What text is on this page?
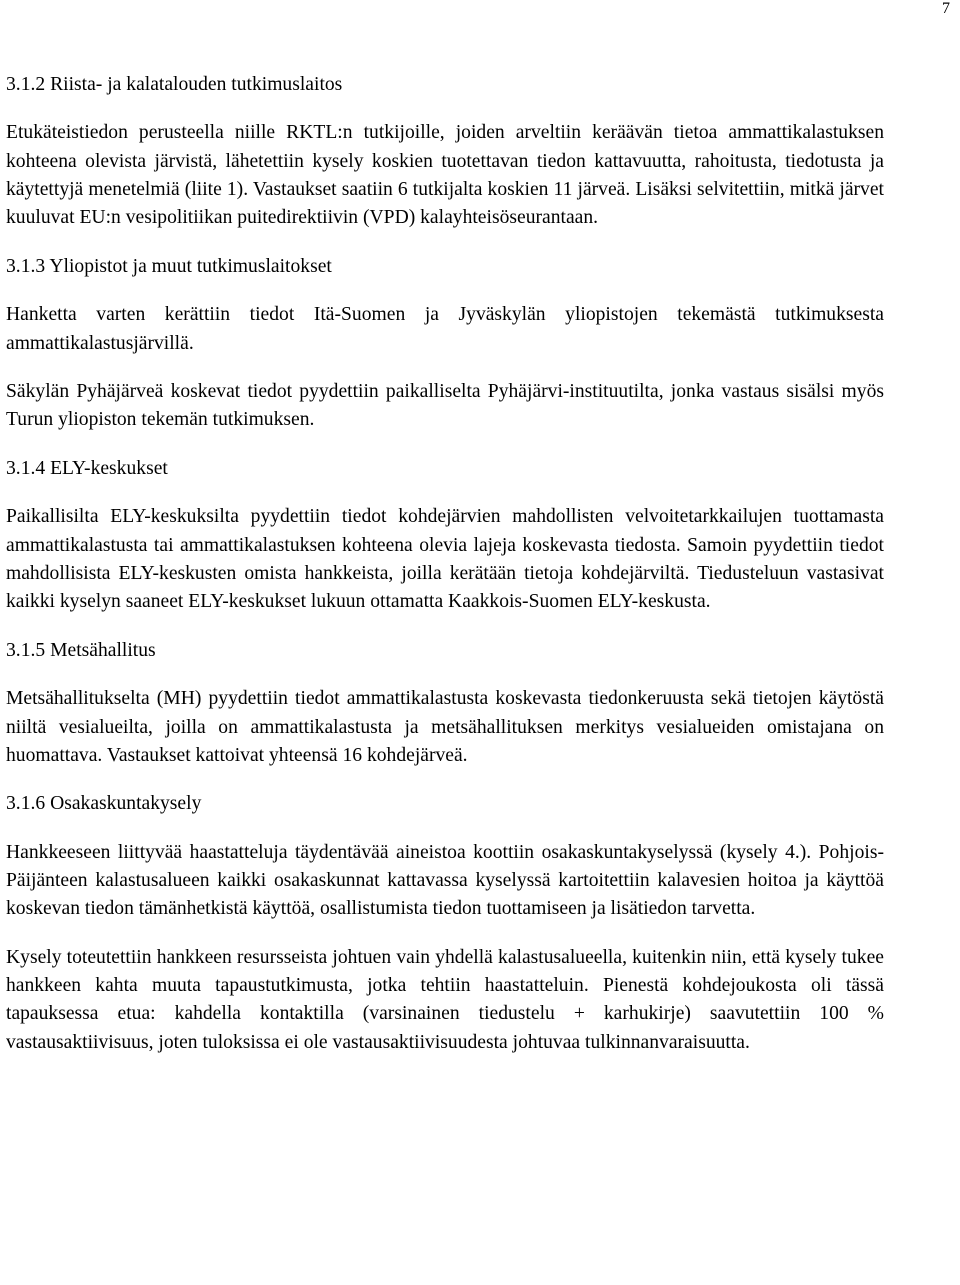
7
3.1.2 Riista- ja kalatalouden tutkimuslaitos

Etukäteistiedon perusteella niille RKTL:n tutkijoille, joiden arveltiin keräävän tietoa ammattikalastuksen kohteena olevista järvistä, lähetettiin kysely koskien tuotettavan tiedon kattavuutta, rahoitusta, tiedotusta ja käytettyjä menetelmiä (liite 1). Vastaukset saatiin 6 tutkijalta koskien 11 järveä. Lisäksi selvitettiin, mitkä järvet kuuluvat EU:n vesipolitiikan puitedirektiivin (VPD) kalayhteisöseurantaan.

3.1.3 Yliopistot ja muut tutkimuslaitokset

Hanketta varten kerättiin tiedot Itä-Suomen ja Jyväskylän yliopistojen tekemästä tutkimuksesta ammattikalastusjärvillä.

Säkylän Pyhäjärveä koskevat tiedot pyydettiin paikalliselta Pyhäjärvi-instituutilta, jonka vastaus sisälsi myös Turun yliopiston tekemän tutkimuksen.

3.1.4 ELY-keskukset

Paikallisilta ELY-keskuksilta pyydettiin tiedot kohdejärvien mahdollisten velvoitetarkkailujen tuottamasta ammattikalastusta tai ammattikalastuksen kohteena olevia lajeja koskevasta tiedosta. Samoin pyydettiin tiedot mahdollisista ELY-keskusten omista hankkeista, joilla kerätään tietoja kohdejärviltä. Tiedusteluun vastasivat kaikki kyselyn saaneet ELY-keskukset lukuun ottamatta Kaakkois-Suomen ELY-keskusta.

3.1.5 Metsähallitus

Metsähallitukselta (MH) pyydettiin tiedot ammattikalastusta koskevasta tiedonkeruusta sekä tietojen käytöstä niiltä vesialueilta, joilla on ammattikalastusta ja metsähallituksen merkitys vesialueiden omistajana on huomattava. Vastaukset kattoivat yhteensä 16 kohdejärveä.

3.1.6 Osakaskuntakysely

Hankkeeseen liittyvää haastatteluja täydentävää aineistoa koottiin osakaskuntakyselyssä (kysely 4.). Pohjois-Päijänteen kalastusalueen kaikki osakaskunnat kattavassa kyselyssä kartoitettiin kalavesien hoitoa ja käyttöä koskevan tiedon tämänhetkistä käyttöä, osallistumista tiedon tuottamiseen ja lisätiedon tarvetta.

Kysely toteutettiin hankkeen resursseista johtuen vain yhdellä kalastusalueella, kuitenkin niin, että kysely tukee hankkeen kahta muuta tapaustutkimusta, jotka tehtiin haastatteluin. Pienestä kohdejoukosta oli tässä tapauksessa etua: kahdella kontaktilla (varsinainen tiedustelu + karhukirje) saavutettiin 100 % vastausaktiivisuus, joten tuloksissa ei ole vastausaktiivisuudesta johtuvaa tulkinnanvaraisuutta.
